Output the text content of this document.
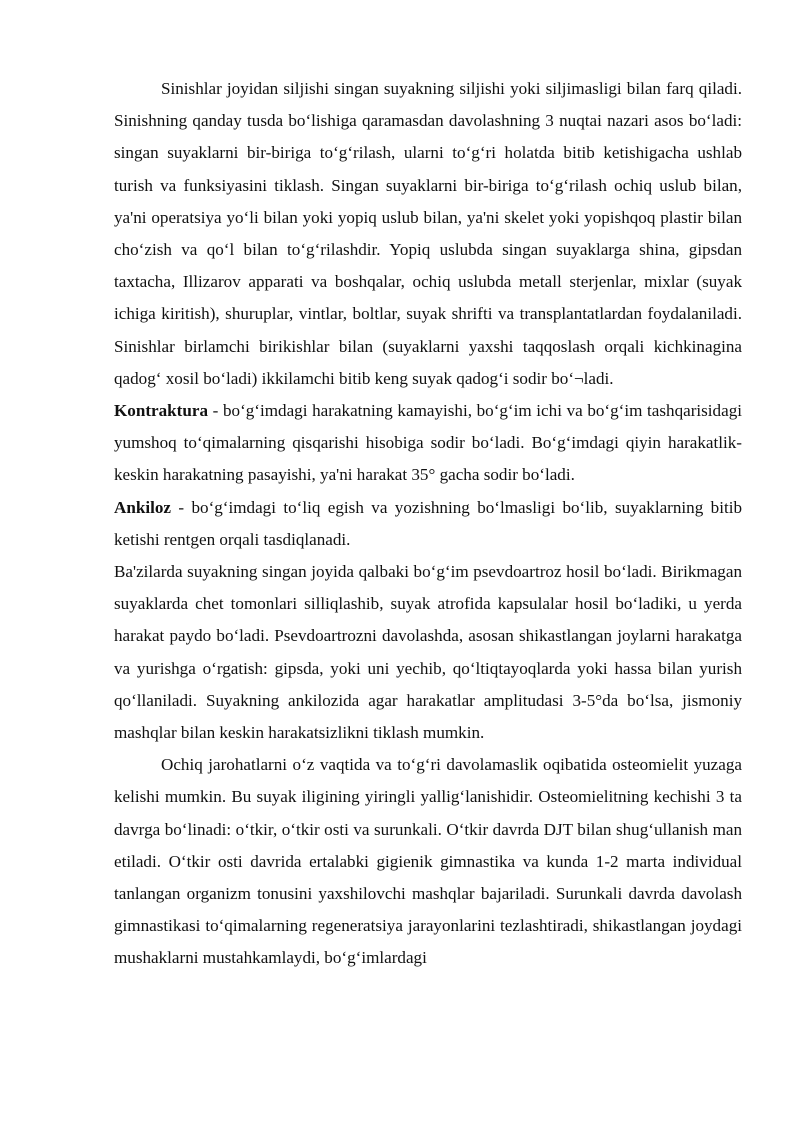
Sinishlar joyidan siljishi singan suyakning siljishi yoki siljimasligi bilan farq qiladi. Sinishning qanday tusda bo‘lishiga qaramasdan davolashning 3 nuqtai nazari asos bo‘ladi: singan suyaklarni bir-biriga to‘g‘rilash, ularni to‘g‘ri holatda bitib ketishigacha ushlab turish va funksiyasini tiklash. Singan suyaklarni bir-biriga to‘g‘rilash ochiq uslub bilan, ya'ni operatsiya yo‘li bilan yoki yopiq uslub bilan, ya'ni skelet yoki yopishqoq plastir bilan cho‘zish va qo‘l bilan to‘g‘rilashdir. Yopiq uslubda singan suyaklarga shina, gipsdan taxtacha, Illizarov apparati va boshqalar, ochiq uslubda metall sterjenlar, mixlar (suyak ichiga kiritish), shuruplar, vintlar, boltlar, suyak shrifti va transplantatlardan foydalaniladi. Sinishlar birlamchi birikishlar bilan (suyaklarni yaxshi taqqoslash orqali kichkinagina qadog‘ xosil bo‘ladi) ikkilamchi bitib keng suyak qadog‘i sodir bo‘¬ladi.

Kontraktura - bo‘g‘imdagi harakatning kamayishi, bo‘g‘im ichi va bo‘g‘im tashqarisidagi yumshoq to‘qimalarning qisqarishi hisobiga sodir bo‘ladi. Bo‘g‘imdagi qiyin harakatlik-keskin harakatning pasayishi, ya'ni harakat 35° gacha sodir bo‘ladi.

Ankiloz - bo‘g‘imdagi to‘liq egish va yozishning bo‘lmasligi bo‘lib, suyaklarning bitib ketishi rentgen orqali tasdiqlanadi.

Ba'zilarda suyakning singan joyida qalbaki bo‘g‘im psevdoartroz hosil bo‘ladi. Birikmagan suyaklarda chet tomonlari silliqlashib, suyak atrofida kapsulalar hosil bo‘ladiki, u yerda harakat paydo bo‘ladi. Psevdoartrozni davolashda, asosan shikastlangan joylarni harakatga va yurishga o‘rgatish: gipsda, yoki uni yechib, qo‘ltiqtayoqlarda yoki hassa bilan yurish qo‘llaniladi. Suyakning ankilozida agar harakatlar amplitudasi 3-5°da bo‘lsa, jismoniy mashqlar bilan keskin harakatsizlikni tiklash mumkin.

Ochiq jarohatlarni o‘z vaqtida va to‘g‘ri davolamaslik oqibatida osteomielit yuzaga kelishi mumkin. Bu suyak iligining yiringli yallig‘lanishidir. Osteomielitning kechishi 3 ta davrga bo‘linadi: o‘tkir, o‘tkir osti va surunkali. O‘tkir davrda DJT bilan shug‘ullanish man etiladi. O‘tkir osti davrida ertalabki gigienik gimnastika va kunda 1-2 marta individual tanlangan organizm tonusini yaxshilovchi mashqlar bajariladi. Surunkali davrda davolash gimnastikasi to‘qimalarning regeneratsiya jarayonlarini tezlashtiradi, shikastlangan joydagi mushaklarni mustahkamlaydi, bo‘g‘imlardagi
